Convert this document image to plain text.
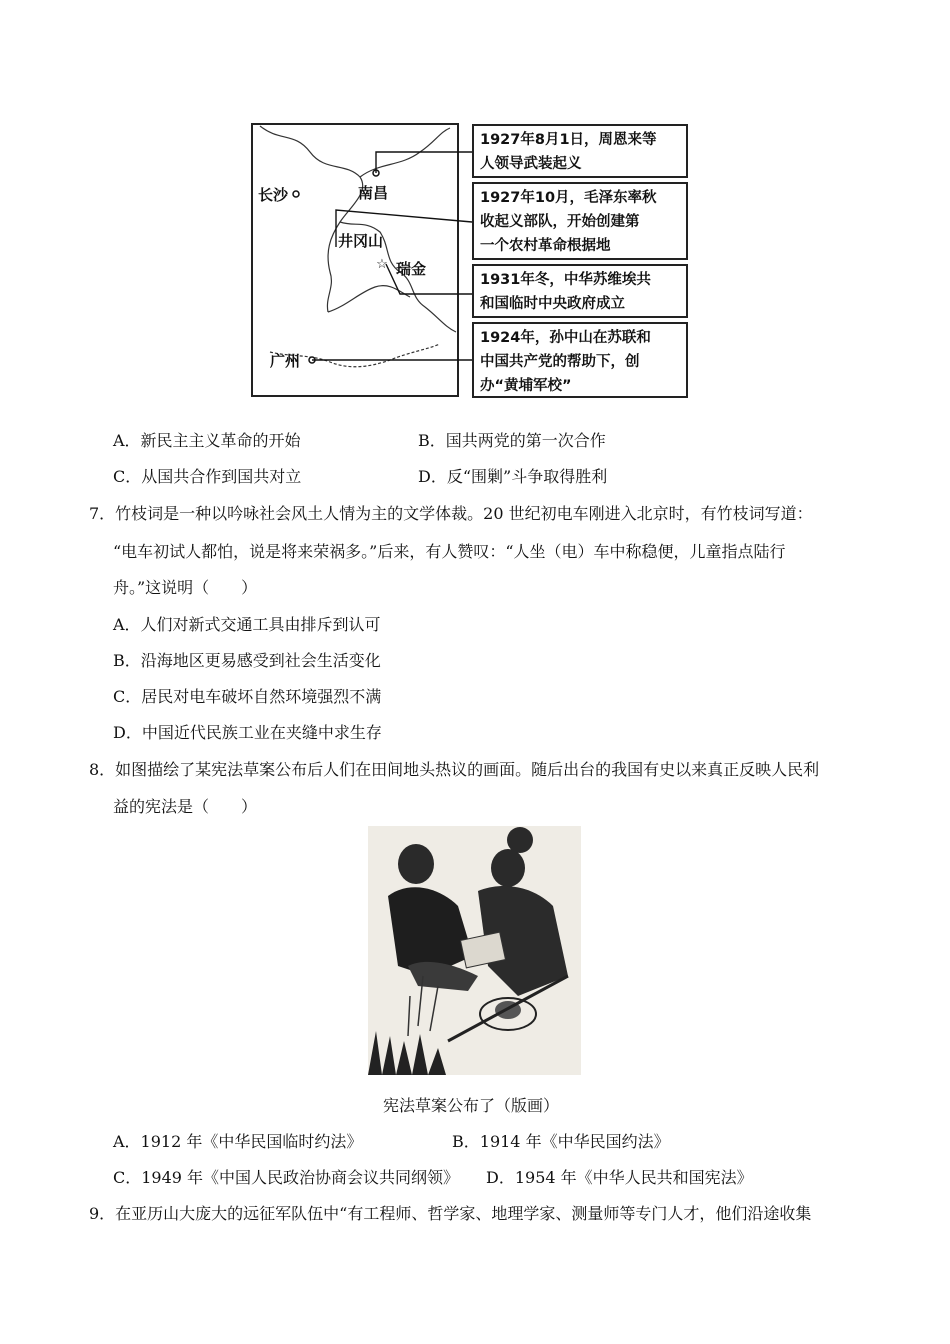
☆
长沙	南昌
井冈山
瑞金
广州
1927年8月1日，周恩来等
人领导武装起义
1927年10月，毛泽东率秋
收起义部队，开始创建第
一个农村革命根据地
1931年冬，中华苏维埃共
和国临时中央政府成立
1924年，孙中山在苏联和
中国共产党的帮助下，创
办“黄埔军校”
A．新民主主义革命的开始	B．国共两党的第一次合作
C．从国共合作到国共对立	D．反“围剿”斗争取得胜利
7．竹枝词是一种以吟咏社会风土人情为主的文学体裁。20 世纪初电车刚进入北京时，有竹枝词写道：
“电车初试人都怕，说是将来荣祸多。”后来，有人赞叹：“人坐（电）车中称稳便，儿童指点陆行
舟。”这说明（　　）
A．人们对新式交通工具由排斥到认可
B．沿海地区更易感受到社会生活变化
C．居民对电车破坏自然环境强烈不满
D．中国近代民族工业在夹缝中求生存
8．如图描绘了某宪法草案公布后人们在田间地头热议的画面。随后出台的我国有史以来真正反映人民利
益的宪法是（　　）
宪法草案公布了（版画）
A．1912 年《中华民国临时约法》	B．1914 年《中华民国约法》
C．1949 年《中国人民政治协商会议共同纲领》 D．1954 年《中华人民共和国宪法》
9．在亚历山大庞大的远征军队伍中“有工程师、哲学家、地理学家、测量师等专门人才，他们沿途收集
